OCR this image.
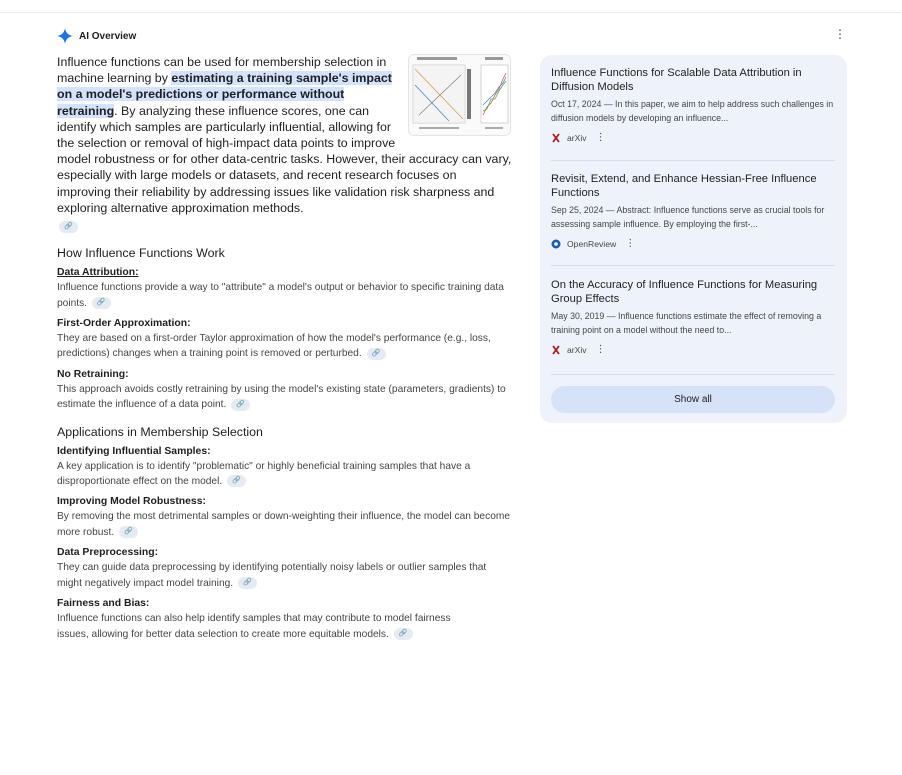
AI Overview	⋮
Influence functions can be used for membership selection in machine learning by estimating a training sample's impact on a model's predictions or performance without retraining. By analyzing these influence scores, one can identify which samples are particularly influential, allowing for the selection or removal of high-impact data points to improve model robustness or for other data-centric tasks. However, their accuracy can vary, especially with large models or datasets, and recent research focuses on improving their reliability by addressing issues like validation risk sharpness and exploring alternative approximation methods.
🔗
How Influence Functions Work
Data Attribution:
Influence functions provide a way to "attribute" a model's output or behavior to specific training data points. 🔗
First-Order Approximation:
They are based on a first-order Taylor approximation of how the model's performance (e.g., loss, predictions) changes when a training point is removed or perturbed. 🔗
No Retraining:
This approach avoids costly retraining by using the model's existing state (parameters, gradients) to estimate the influence of a data point. 🔗
Applications in Membership Selection
Identifying Influential Samples:
A key application is to identify "problematic" or highly beneficial training samples that have a disproportionate effect on the model. 🔗
Improving Model Robustness:
By removing the most detrimental samples or down-weighting their influence, the model can become more robust. 🔗
Data Preprocessing:
They can guide data preprocessing by identifying potentially noisy labels or outlier samples that might negatively impact model training. 🔗
Fairness and Bias:
Influence functions can also help identify samples that may contribute to model fairness issues, allowing for better data selection to create more equitable models. 🔗
Influence Functions for Scalable Data Attribution in Diffusion Models
Oct 17, 2024 — In this paper, we aim to help address such challenges in diffusion models by developing an influence...
arXiv ⋮
Revisit, Extend, and Enhance Hessian-Free Influence Functions
Sep 25, 2024 — Abstract: Influence functions serve as crucial tools for assessing sample influence. By employing the first-...
OpenReview ⋮
On the Accuracy of Influence Functions for Measuring Group Effects
May 30, 2019 — Influence functions estimate the effect of removing a training point on a model without the need to...
arXiv ⋮
Show all
